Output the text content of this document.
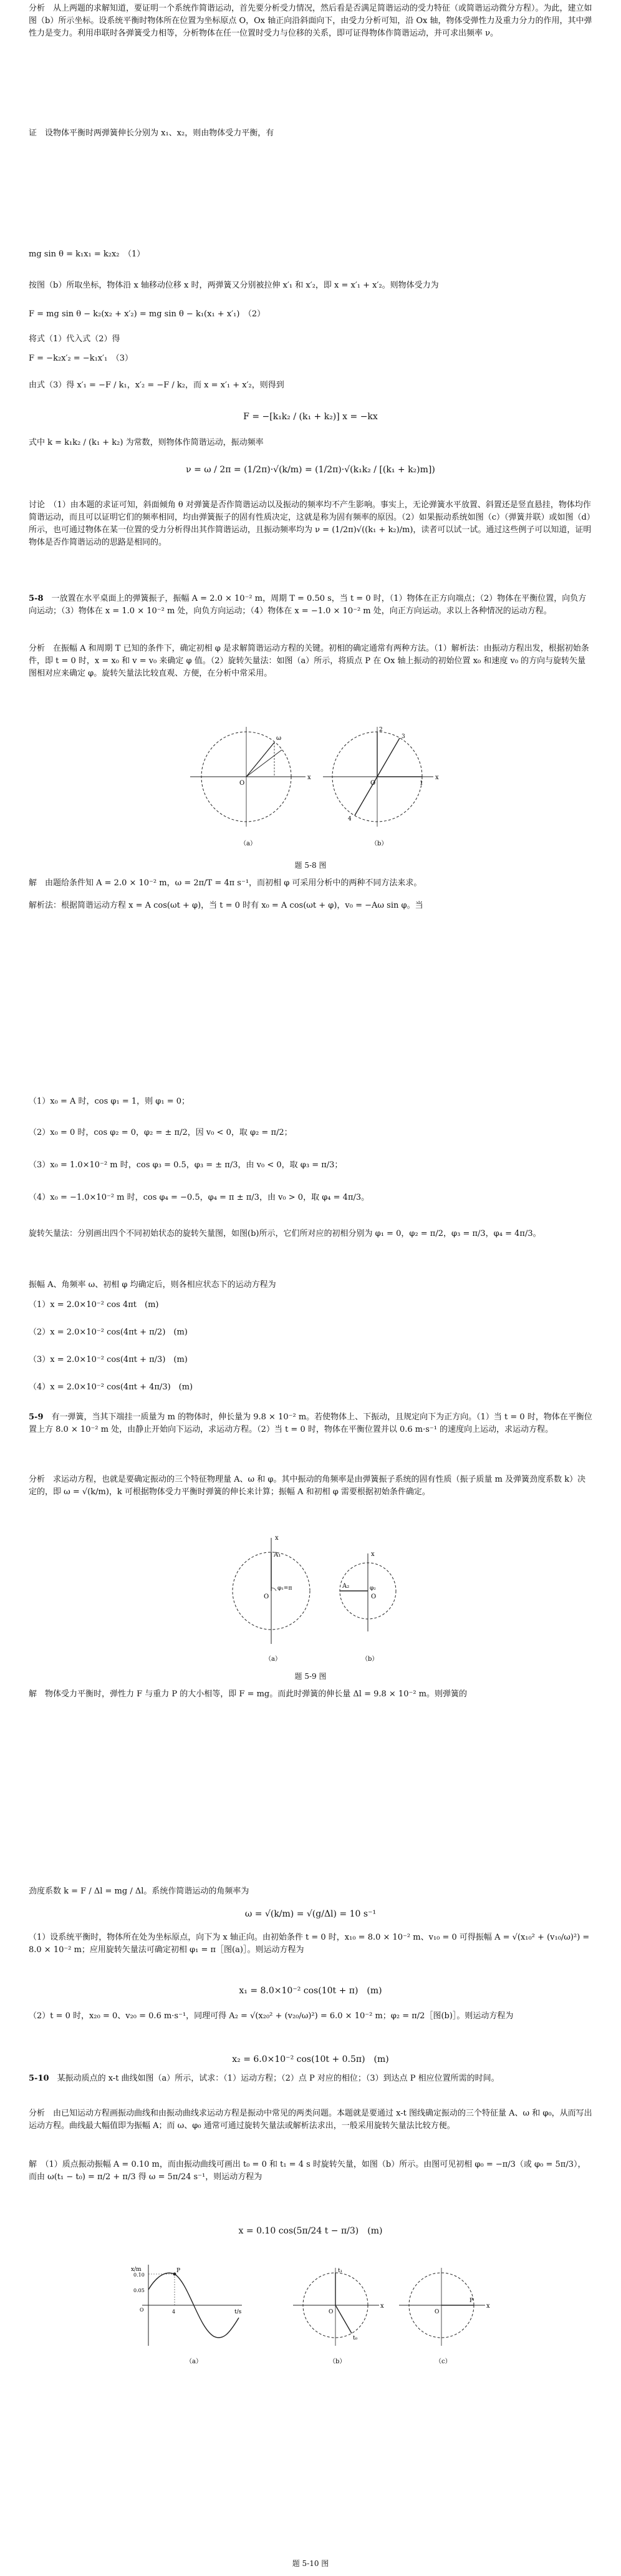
分析　从上两题的求解知道，要证明一个系统作简谐运动，首先要分析受力情况，然后看是否满足简谐运动的受力特征（或简谐运动微分方程）。为此，建立如图（b）所示坐标。设系统平衡时物体所在位置为坐标原点 O，Ox 轴正向沿斜面向下，由受力分析可知，沿 Ox 轴，物体受弹性力及重力分力的作用，其中弹性力是变力。利用串联时各弹簧受力相等，分析物体在任一位置时受力与位移的关系，即可证得物体作简谐运动，并可求出频率 ν。

证　设物体平衡时两弹簧伸长分别为 x₁、x₂，则由物体受力平衡，有

mg sin θ = k₁x₁ = k₂x₂　（1）

按图（b）所取坐标，物体沿 x 轴移动位移 x 时，两弹簧又分别被拉伸 x′₁ 和 x′₂，即 x = x′₁ + x′₂。则物体受力为

F = mg sin θ − k₂(x₂ + x′₂) = mg sin θ − k₁(x₁ + x′₁)　（2）

将式（1）代入式（2）得

F = −k₂x′₂ = −k₁x′₁　（3）

由式（3）得 x′₁ = −F / k₁，x′₂ = −F / k₂，而 x = x′₁ + x′₂，则得到

F = −[k₁k₂ / (k₁ + k₂)] x = −kx

式中 k = k₁k₂ / (k₁ + k₂) 为常数，则物体作简谐运动，振动频率

ν = ω / 2π = (1/2π)·√(k/m) = (1/2π)·√(k₁k₂ / [(k₁ + k₂)m])

讨论　（1）由本题的求证可知，斜面倾角 θ 对弹簧是否作简谐运动以及振动的频率均不产生影响。事实上，无论弹簧水平放置、斜置还是竖直悬挂，物体均作简谐运动，而且可以证明它们的频率相同，均由弹簧振子的固有性质决定，这就是称为固有频率的原因。（2）如果振动系统如图（c）（弹簧并联）或如图（d）所示，也可通过物体在某一位置的受力分析得出其作简谐运动，且振动频率均为 ν = (1/2π)√((k₁ + k₂)/m)，读者可以试一试。通过这些例子可以知道，证明物体是否作简谐运动的思路是相同的。

5-8　 一放置在水平桌面上的弹簧振子，振幅 A = 2.0 × 10⁻² m，周期 T = 0.50 s，当 t = 0 时，（1）物体在正方向端点；（2）物体在平衡位置，向负方向运动；（3）物体在 x = 1.0 × 10⁻² m 处，向负方向运动；（4）物体在 x = −1.0 × 10⁻² m 处，向正方向运动。求以上各种情况的运动方程。

分析　在振幅 A 和周期 T 已知的条件下，确定初相 φ 是求解简谐运动方程的关键。初相的确定通常有两种方法。（1）解析法：由振动方程出发，根据初始条件，即 t = 0 时，x = x₀ 和 v = v₀ 来确定 φ 值。（2）旋转矢量法：如图（a）所示，将质点 P 在 Ox 轴上振动的初始位置 x₀ 和速度 v₀ 的方向与旋转矢量图相对应来确定 φ。旋转矢量法比较直观、方便，在分析中常采用。

x
O
ω
x
O	1
2
3
4
（a）	（b）
题 5-8 图

解　由题给条件知 A = 2.0 × 10⁻² m，ω = 2π/T = 4π s⁻¹，而初相 φ 可采用分析中的两种不同方法来求。

解析法：根据简谐运动方程 x = A cos(ωt + φ)，当 t = 0 时有 x₀ = A cos(ωt + φ)，v₀ = −Aω sin φ。当

（1）x₀ = A 时，cos φ₁ = 1，则 φ₁ = 0；

（2）x₀ = 0 时，cos φ₂ = 0，φ₂ = ± π/2，因 v₀ < 0，取 φ₂ = π/2；

（3）x₀ = 1.0×10⁻² m 时，cos φ₃ = 0.5，φ₃ = ± π/3，由 v₀ < 0，取 φ₃ = π/3；

（4）x₀ = −1.0×10⁻² m 时，cos φ₄ = −0.5，φ₄ = π ± π/3，由 v₀ > 0，取 φ₄ = 4π/3。

旋转矢量法：分别画出四个不同初始状态的旋转矢量图，如图(b)所示，它们所对应的初相分别为 φ₁ = 0，φ₂ = π/2，φ₃ = π/3，φ₄ = 4π/3。

振幅 A、角频率 ω、初相 φ 均确定后，则各相应状态下的运动方程为

（1）x = 2.0×10⁻² cos 4πt　(m)

（2）x = 2.0×10⁻² cos(4πt + π/2)　(m)

（3）x = 2.0×10⁻² cos(4πt + π/3)　(m)

（4）x = 2.0×10⁻² cos(4πt + 4π/3)　(m)

5-9　 有一弹簧，当其下端挂一质量为 m 的物体时，伸长量为 9.8 × 10⁻² m。若使物体上、下振动，且规定向下为正方向。（1）当 t = 0 时，物体在平衡位置上方 8.0 × 10⁻² m 处，由静止开始向下运动，求运动方程。（2）当 t = 0 时，物体在平衡位置并以 0.6 m·s⁻¹ 的速度向上运动，求运动方程。

分析　求运动方程，也就是要确定振动的三个特征物理量 A、ω 和 φ。其中振动的角频率是由弹簧振子系统的固有性质（振子质量 m 及弹簧劲度系数 k）决定的，即 ω = √(k/m)，k 可根据物体受力平衡时弹簧的伸长来计算；振幅 A 和初相 φ 需要根据初始条件确定。

x
A₁
O
φ₁=π
x
A₂
O
φ₂
（a）	（b）
题 5-9 图

解　物体受力平衡时，弹性力 F 与重力 P 的大小相等，即 F = mg。而此时弹簧的伸长量 Δl = 9.8 × 10⁻² m。则弹簧的

劲度系数 k = F / Δl = mg / Δl。系统作简谐运动的角频率为

ω = √(k/m) = √(g/Δl) = 10 s⁻¹

（1）设系统平衡时，物体所在处为坐标原点，向下为 x 轴正向。由初始条件 t = 0 时，x₁₀ = 8.0 × 10⁻² m、v₁₀ = 0 可得振幅 A = √(x₁₀² + (v₁₀/ω)²) = 8.0 × 10⁻² m；应用旋转矢量法可确定初相 φ₁ = π［图(a)］。则运动方程为

x₁ = 8.0×10⁻² cos(10t + π)　(m)

（2）t = 0 时，x₂₀ = 0、v₂₀ = 0.6 m·s⁻¹，同理可得 A₂ = √(x₂₀² + (v₂₀/ω)²) = 6.0 × 10⁻² m；φ₂ = π/2［图(b)］。则运动方程为

x₂ = 6.0×10⁻² cos(10t + 0.5π)　(m)

5-10　 某振动质点的 x-t 曲线如图（a）所示，试求：（1）运动方程；（2）点 P 对应的相位；（3）到达点 P 相应位置所需的时间。

分析　由已知运动方程画振动曲线和由振动曲线求运动方程是振动中常见的两类问题。本题就是要通过 x-t 图线确定振动的三个特征量 A、ω 和 φ₀，从而写出运动方程。曲线最大幅值即为振幅 A；而 ω、φ₀ 通常可通过旋转矢量法或解析法求出，一般采用旋转矢量法比较方便。

解　（1）质点振动振幅 A = 0.10 m，而由振动曲线可画出 t₀ = 0 和 t₁ = 4 s 时旋转矢量，如图（b）所示。由图可见初相 φ₀ = −π/3（或 φ₀ = 5π/3），而由 ω(t₁ − t₀) = π/2 + π/3 得 ω = 5π/24 s⁻¹，则运动方程为

x = 0.10 cos(5π/24 t − π/3)　(m)
x/m
0.10
0.05
O	4	t/s
P
x
O
t₀
t₁
x
O
P
（a）	（b）	（c）
题 5-10 图
